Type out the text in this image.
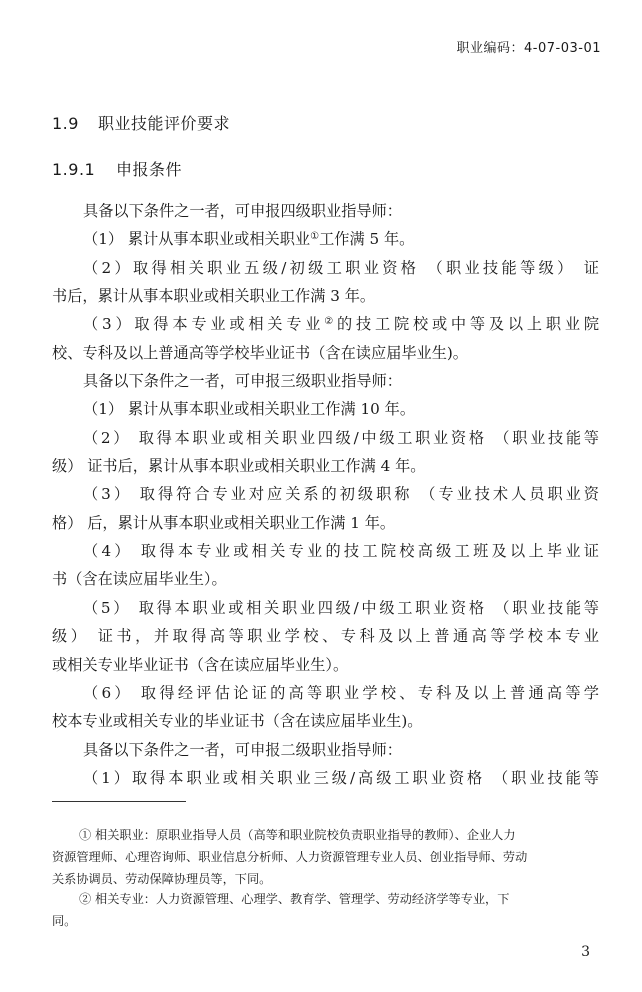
职业编码：4-07-03-01
1.9 职业技能评价要求
1.9.1 申报条件
具备以下条件之一者，可申报四级职业指导师：
（1） 累计从事本职业或相关职业①工作满 5 年。
（2）取得相关职业五级/初级工职业资格 （职业技能等级） 证
书后，累计从事本职业或相关职业工作满 3 年。
（3）取得本专业或相关专业②的技工院校或中等及以上职业院
校、专科及以上普通高等学校毕业证书（含在读应届毕业生)。
具备以下条件之一者，可申报三级职业指导师：
（1） 累计从事本职业或相关职业工作满 10 年。
（2） 取得本职业或相关职业四级/中级工职业资格 （职业技能等
级） 证书后，累计从事本职业或相关职业工作满 4 年。
（3） 取得符合专业对应关系的初级职称 （专业技术人员职业资
格） 后，累计从事本职业或相关职业工作满 1 年。
（4） 取得本专业或相关专业的技工院校高级工班及以上毕业证
书（含在读应届毕业生）。
（5） 取得本职业或相关职业四级/中级工职业资格 （职业技能等
级） 证书，并取得高等职业学校、专科及以上普通高等学校本专业
或相关专业毕业证书（含在读应届毕业生）。
（6） 取得经评估论证的高等职业学校、专科及以上普通高等学
校本专业或相关专业的毕业证书（含在读应届毕业生)。
具备以下条件之一者，可申报二级职业指导师：
（1）取得本职业或相关职业三级/高级工职业资格 （职业技能等
① 相关职业：原职业指导人员（高等和职业院校负责职业指导的教师）、企业人力
资源管理师、心理咨询师、职业信息分析师、人力资源管理专业人员、创业指导师、劳动
关系协调员、劳动保障协理员等，下同。
② 相关专业：人力资源管理、心理学、教育学、管理学、劳动经济学等专业，下
同。
3
